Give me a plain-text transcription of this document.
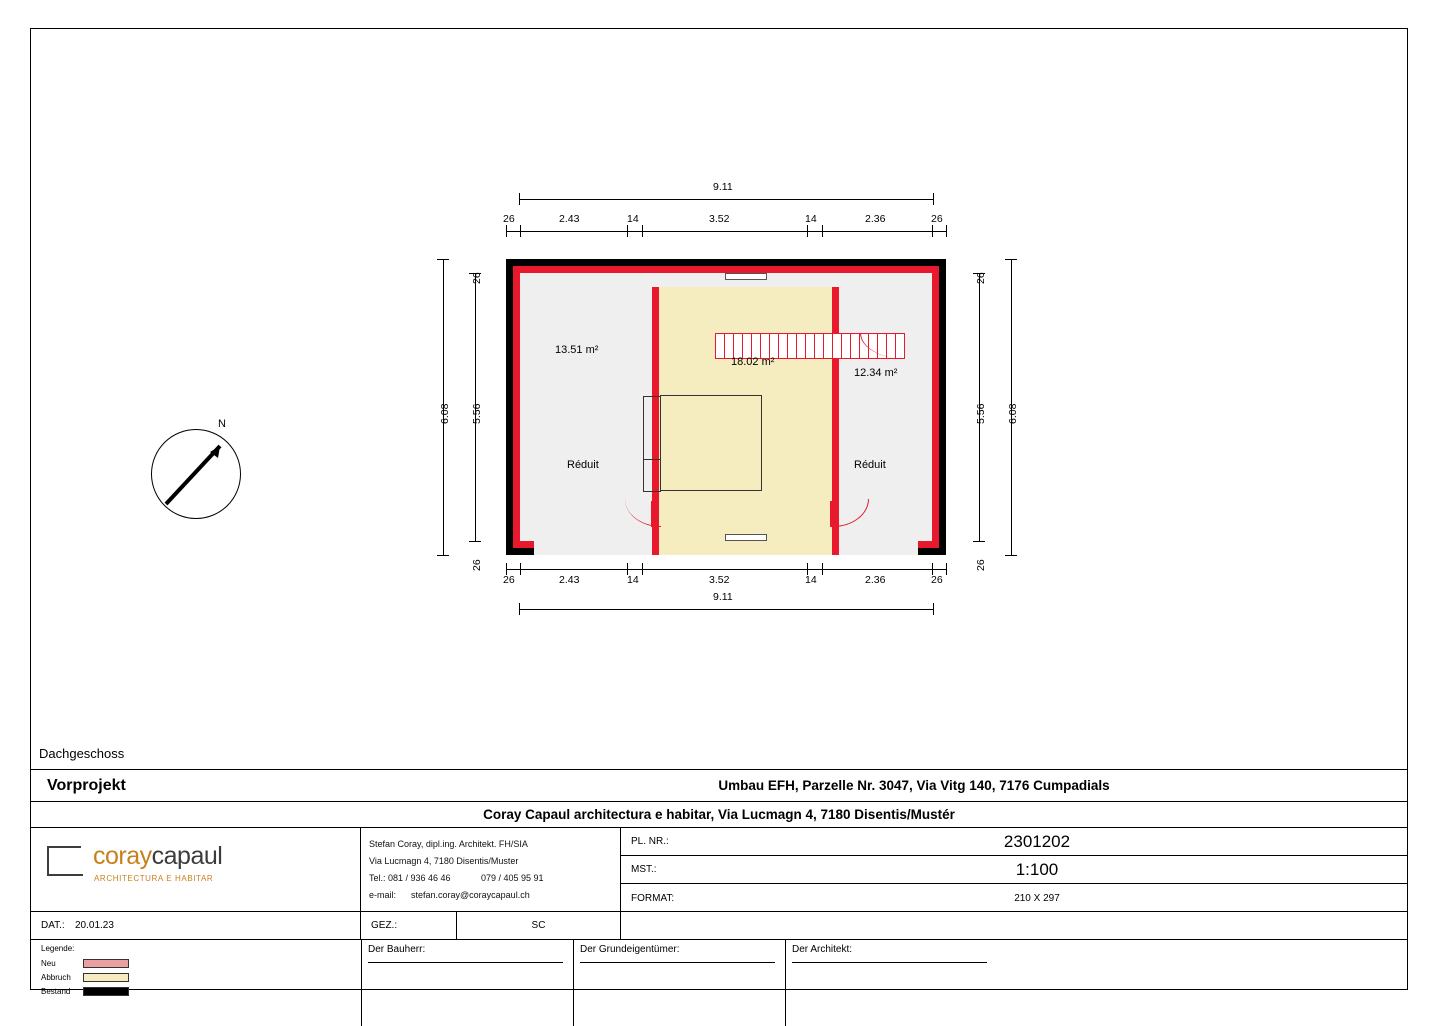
9.11
26	2.43	14	3.52	14	2.36	26
6.08 5.56
26
26
5.56
26
26
6.08
13.51 m²
18.02 m²
12.34 m²
Réduit	Réduit
26	2.43	14	3.52	14	2.36	26
9.11
N
Dachgeschoss
Vorprojekt	Umbau EFH, Parzelle Nr. 3047, Via Vitg 140, 7176 Cumpadials
Coray Capaul architectura e habitar, Via Lucmagn 4, 7180 Disentis/Mustér
coraycapaul
ARCHITECTURA E HABITAR
Stefan Coray, dipl.ing. Architekt. FH/SIA
Via Lucmagn 4, 7180 Disentis/Muster
Tel.: 081 / 936 46 46	079 / 405 95 91
e-mail:	stefan.coray@coraycapaul.ch
PL. NR.:	2301202
MST.:	1:100
FORMAT:	210 X 297
DAT.:	20.01.23	GEZ.:	SC
Legende:
Neu
Abbruch
Bestand
Der Bauherr:	Der Grundeigentümer:	Der Architekt:
